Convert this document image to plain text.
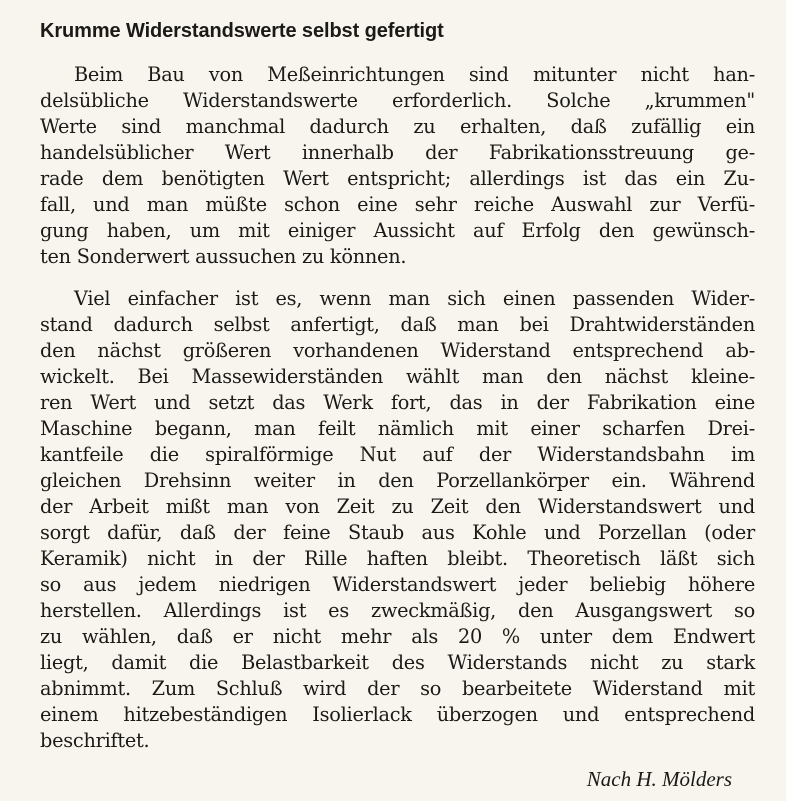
Krumme Widerstandswerte selbst gefertigt
Beim Bau von Meßeinrichtungen sind mitunter nicht han-
delsübliche Widerstandswerte erforderlich. Solche „krummen"
Werte sind manchmal dadurch zu erhalten, daß zufällig ein
handelsüblicher Wert innerhalb der Fabrikationsstreuung ge-
rade dem benötigten Wert entspricht; allerdings ist das ein Zu-
fall, und man müßte schon eine sehr reiche Auswahl zur Verfü-
gung haben, um mit einiger Aussicht auf Erfolg den gewünsch-
ten Sonderwert aussuchen zu können.
Viel einfacher ist es, wenn man sich einen passenden Wider-
stand dadurch selbst anfertigt, daß man bei Drahtwiderständen
den nächst größeren vorhandenen Widerstand entsprechend ab-
wickelt. Bei Massewiderständen wählt man den nächst kleine-
ren Wert und setzt das Werk fort, das in der Fabrikation eine
Maschine begann, man feilt nämlich mit einer scharfen Drei-
kantfeile die spiralförmige Nut auf der Widerstandsbahn im
gleichen Drehsinn weiter in den Porzellankörper ein. Während
der Arbeit mißt man von Zeit zu Zeit den Widerstandswert und
sorgt dafür, daß der feine Staub aus Kohle und Porzellan (oder
Keramik) nicht in der Rille haften bleibt. Theoretisch läßt sich
so aus jedem niedrigen Widerstandswert jeder beliebig höhere
herstellen. Allerdings ist es zweckmäßig, den Ausgangswert so
zu wählen, daß er nicht mehr als 20 % unter dem Endwert
liegt, damit die Belastbarkeit des Widerstands nicht zu stark
abnimmt. Zum Schluß wird der so bearbeitete Widerstand mit
einem hitzebeständigen Isolierlack überzogen und entsprechend
beschriftet.
Nach H. Mölders
